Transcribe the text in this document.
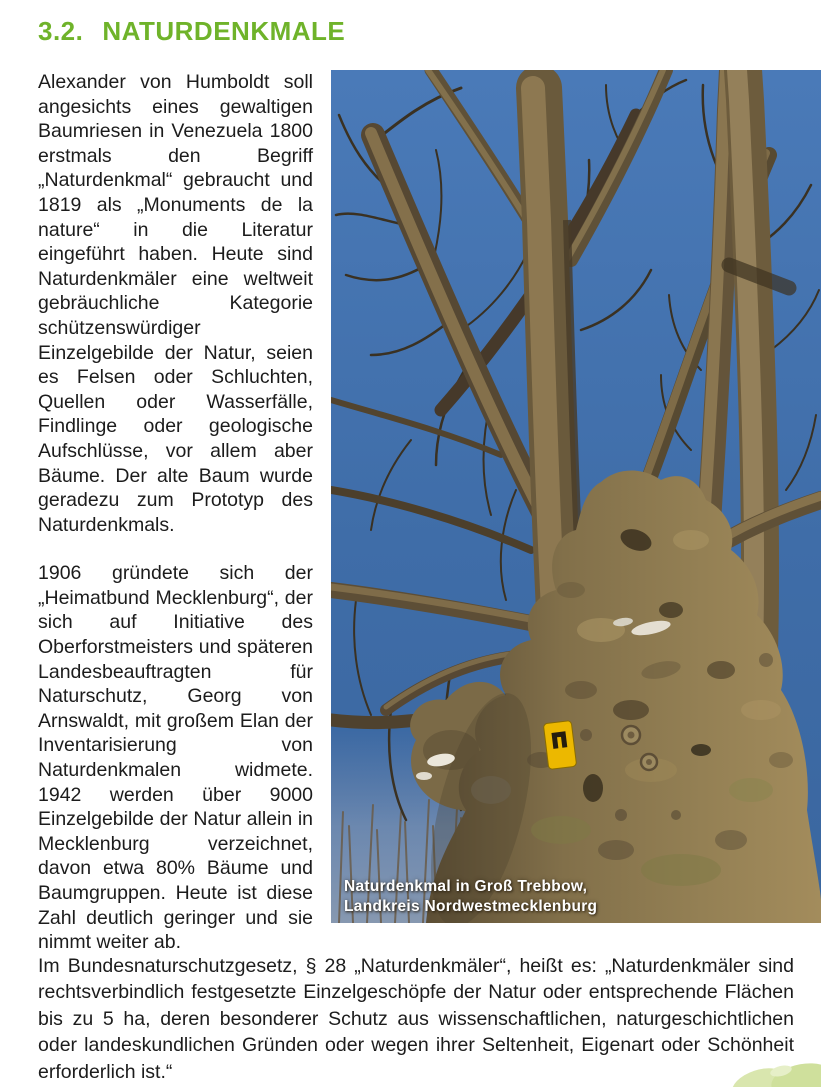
3.2. NATURDENKMALE

Alexander von Humboldt soll angesichts eines gewaltigen Baumriesen in Venezuela 1800 erstmals den Begriff „Naturdenkmal“ gebraucht und 1819 als „Monuments de la nature“ in die Literatur eingeführt haben. Heute sind Naturdenkmäler eine weltweit gebräuchliche Kategorie schützenswürdiger Einzelgebilde der Natur, seien es Felsen oder Schluchten, Quellen oder Wasserfälle, Findlinge oder geologische Aufschlüsse, vor allem aber Bäume. Der alte Baum wurde geradezu zum Prototyp des Naturdenkmals.

1906 gründete sich der „Heimatbund Mecklenburg“, der sich auf Initiative des Oberforstmeisters und späteren Landesbeauftragten für Naturschutz, Georg von Arnswaldt, mit großem Elan der Inventarisierung von Naturdenkmalen widmete. 1942 werden über 9000 Einzelgebilde der Natur allein in Mecklenburg verzeichnet, davon etwa 80% Bäume und Baumgruppen. Heute ist diese Zahl deutlich geringer und sie nimmt weiter ab.

Naturdenkmal in Groß Trebbow,
Landkreis Nordwestmecklenburg

Im Bundesnaturschutzgesetz, § 28 „Naturdenkmäler“, heißt es: „Naturdenkmäler sind rechtsverbindlich festgesetzte Einzelgeschöpfe der Natur oder entsprechende Flächen bis zu 5 ha, deren besonderer Schutz aus wissenschaftlichen, naturgeschichtlichen oder landeskundlichen Gründen oder wegen ihrer Seltenheit, Eigenart oder Schönheit erforderlich ist.“
